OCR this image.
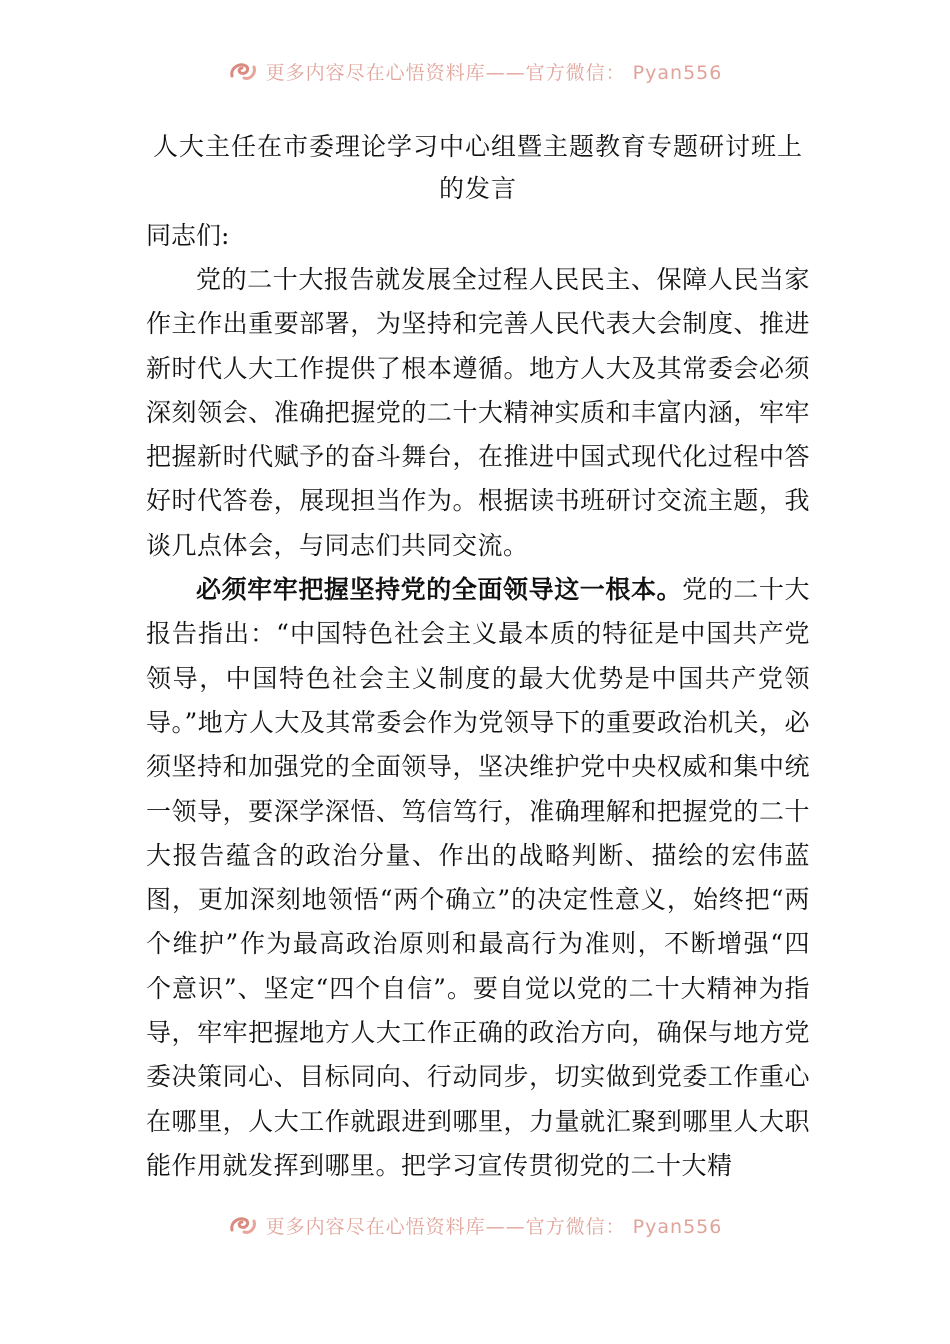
更多内容尽在心悟资料库——官方微信： Pyan556
人大主任在市委理论学习中心组暨主题教育专题研讨班上
的发言

同志们:

党的二十大报告就发展全过程人民民主、保障人民当家作主作出重要部署，为坚持和完善人民代表大会制度、推进新时代人大工作提供了根本遵循。地方人大及其常委会必须深刻领会、准确把握党的二十大精神实质和丰富内涵，牢牢把握新时代赋予的奋斗舞台，在推进中国式现代化过程中答好时代答卷，展现担当作为。根据读书班研讨交流主题，我谈几点体会，与同志们共同交流。

必须牢牢把握坚持党的全面领导这一根本。党的二十大报告指出：“中国特色社会主义最本质的特征是中国共产党领导，中国特色社会主义制度的最大优势是中国共产党领导。”地方人大及其常委会作为党领导下的重要政治机关，必须坚持和加强党的全面领导，坚决维护党中央权威和集中统一领导，要深学深悟、笃信笃行，准确理解和把握党的二十大报告蕴含的政治分量、作出的战略判断、描绘的宏伟蓝图，更加深刻地领悟“两个确立”的决定性意义，始终把“两个维护”作为最高政治原则和最高行为准则，不断增强“四个意识”、坚定“四个自信”。要自觉以党的二十大精神为指导，牢牢把握地方人大工作正确的政治方向，确保与地方党委决策同心、目标同向、行动同步，切实做到党委工作重心在哪里，人大工作就跟进到哪里，力量就汇聚到哪里人大职能作用就发挥到哪里。把学习宣传贯彻党的二十大精

更多内容尽在心悟资料库——官方微信： Pyan556
